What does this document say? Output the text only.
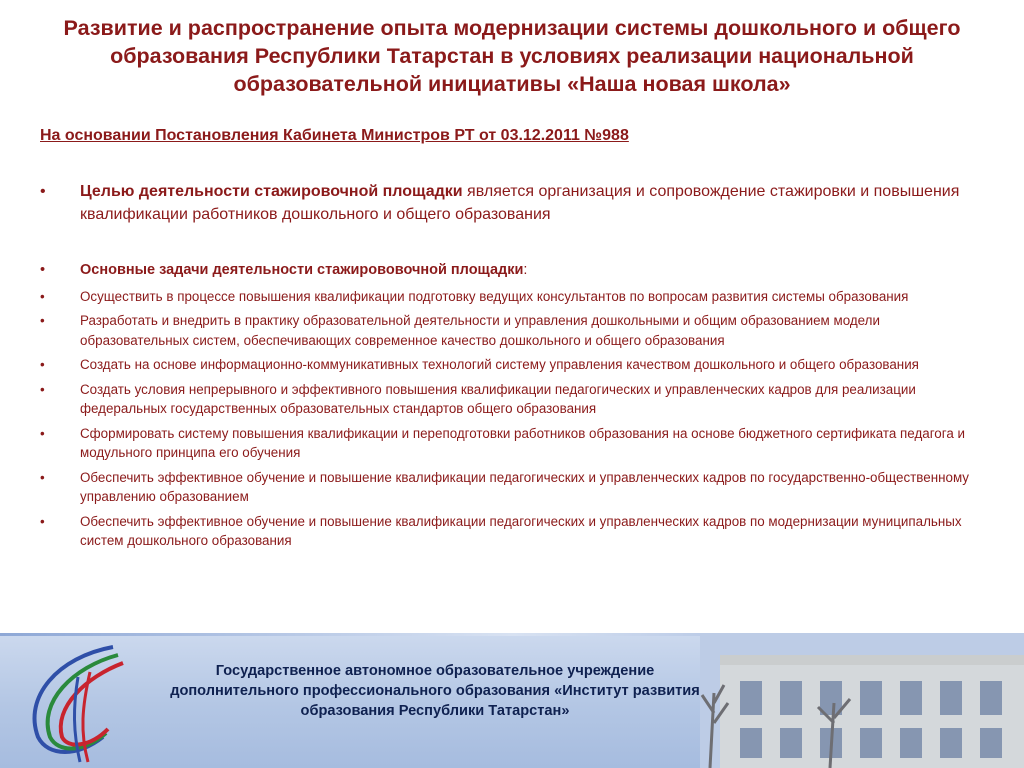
Развитие и распространение опыта модернизации системы дошкольного и общего образования Республики Татарстан в условиях реализации национальной образовательной инициативы «Наша новая школа»

На основании Постановления Кабинета Министров РТ от 03.12.2011 №988

•	Целью деятельности стажировочной площадки является организация и сопровождение стажировки и повышения квалификации работников дошкольного и общего образования
•	Основные задачи деятельности стажирововочной площадки:
•	Осуществить в процессе повышения квалификации подготовку ведущих консультантов по вопросам развития системы образования
•	Разработать и внедрить в практику образовательной деятельности и управления дошкольными и общим образованием модели образовательных систем, обеспечивающих современное качество дошкольного и общего образования
•	Создать на основе информационно-коммуникативных технологий систему управления качеством дошкольного и общего образования
•	Создать условия непрерывного и эффективного повышения квалификации педагогических и управленческих кадров для реализации федеральных государственных образовательных стандартов общего образования
•	Сформировать систему повышения квалификации и переподготовки работников образования на основе бюджетного сертификата педагога и модульного принципа его обучения
•	Обеспечить эффективное обучение и повышение квалификации педагогических и управленческих кадров по государственно-общественному управлению образованием
•	Обеспечить эффективное обучение и повышение квалификации педагогических и управленческих кадров по модернизации муниципальных систем дошкольного образования
Государственное автономное образовательное учреждение дополнительного профессионального образования «Институт развития образования Республики Татарстан»
